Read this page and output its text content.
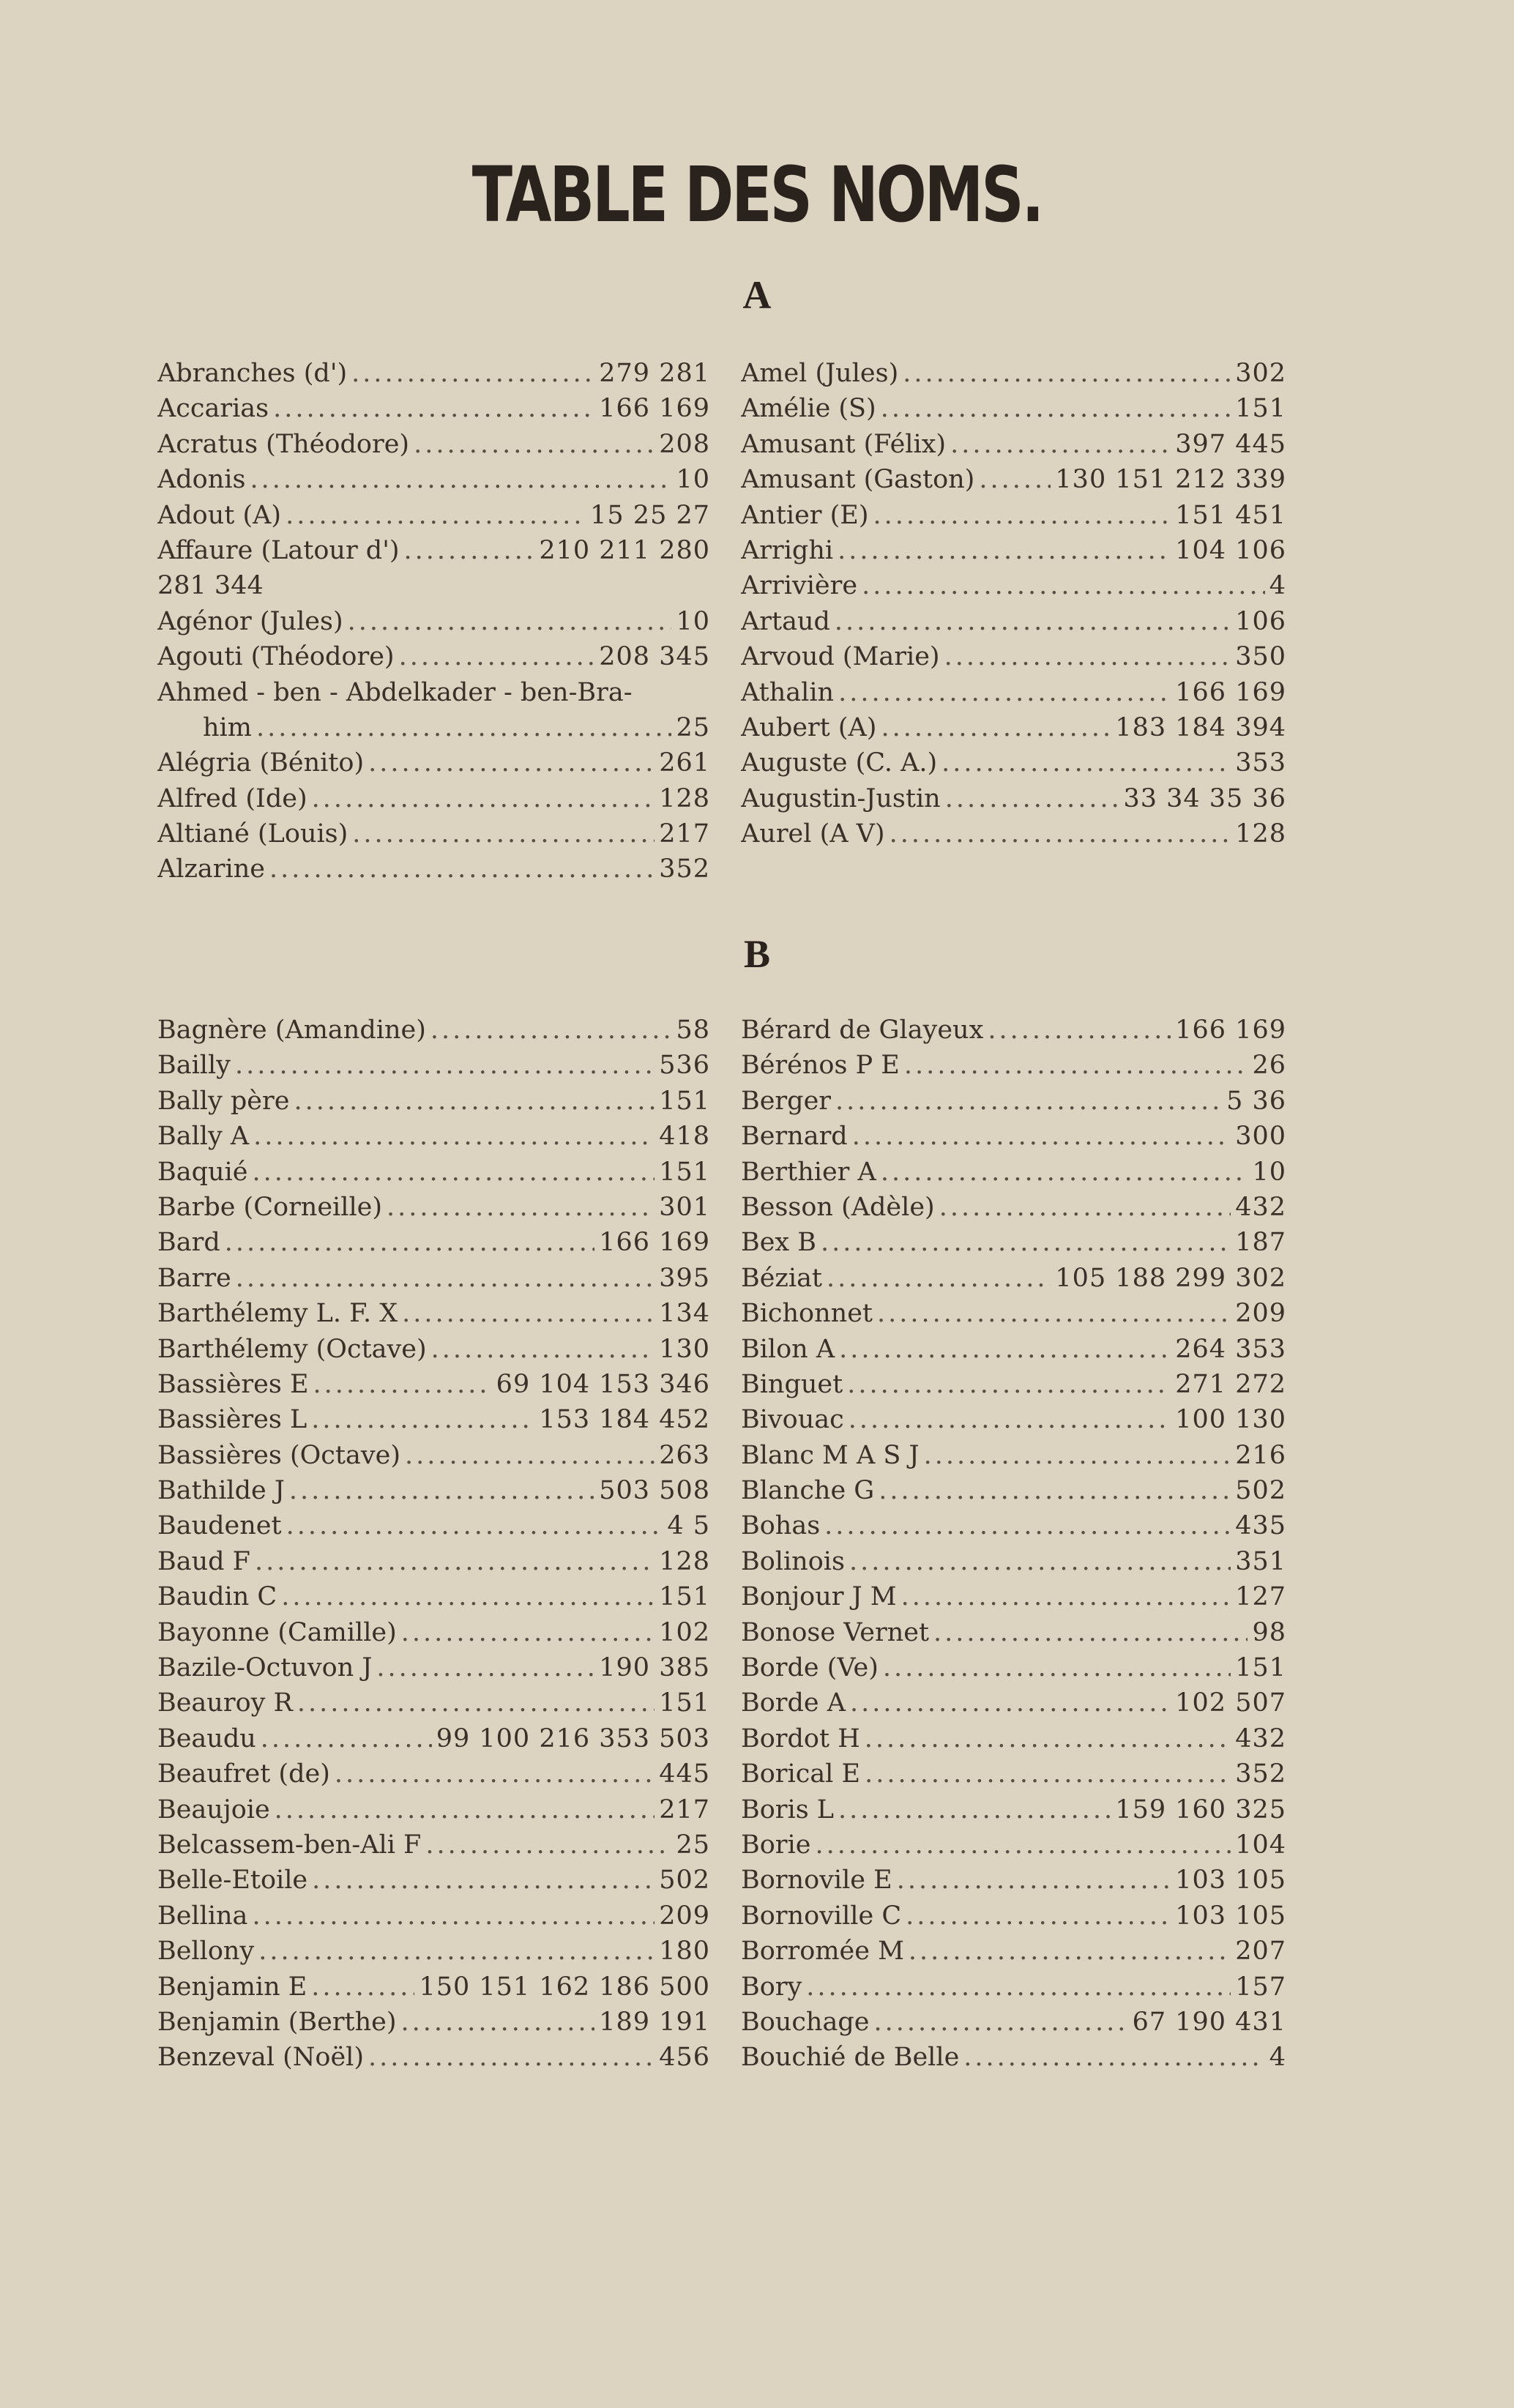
TABLE DES NOMS.
A
Abranches (d') .....	279 281
Accarias .....	166 169
Acratus (Théodore) .....	208
Adonis .....	10
Adout (A) .....	15 25 27
Affaure (Latour d') .....	210 211 280
281 344
Agénor (Jules) .....	10
Agouti (Théodore) .....	208 345
Ahmed - ben - Abdelkader - ben-Bra-
him .....	25
Alégria (Bénito) .....	261
Alfred (Ide) .....	128
Altiané (Louis) .....	217
Alzarine .....	352
Amel (Jules) .....	302
Amélie (S) .....	151
Amusant (Félix) .....	397 445
Amusant (Gaston) .....	130 151 212 339
Antier (E) .....	151 451
Arrighi .....	104 106
Arrivière .....	4
Artaud .....	106
Arvoud (Marie) .....	350
Athalin .....	166 169
Aubert (A) .....	183 184 394
Auguste (C. A.) .....	353
Augustin-Justin .....	33 34 35 36
Aurel (A V) .....	128
B
Bagnère (Amandine) .....	58
Bailly .....	536
Bally père .....	151
Bally A .....	418
Baquié .....	151
Barbe (Corneille) .....	301
Bard .....	166 169
Barre .....	395
Barthélemy L. F. X .....	134
Barthélemy (Octave) .....	130
Bassières E .....	69 104 153 346
Bassières L .....	153 184 452
Bassières (Octave) .....	263
Bathilde J .....	503 508
Baudenet .....	4 5
Baud F .....	128
Baudin C .....	151
Bayonne (Camille) .....	102
Bazile-Octuvon J .....	190 385
Beauroy R .....	151
Beaudu .....	99 100 216 353 503
Beaufret (de) .....	445
Beaujoie .....	217
Belcassem-ben-Ali F .....	25
Belle-Etoile .....	502
Bellina .....	209
Bellony .....	180
Benjamin E .....	150 151 162 186 500
Benjamin (Berthe) .....	189 191
Benzeval (Noël) .....	456
Bérard de Glayeux .....	166 169
Bérénos P E .....	26
Berger .....	5 36
Bernard .....	300
Berthier A .....	10
Besson (Adèle) .....	432
Bex B .....	187
Béziat .....	105 188 299 302
Bichonnet .....	209
Bilon A .....	264 353
Binguet .....	271 272
Bivouac .....	100 130
Blanc M A S J .....	216
Blanche G .....	502
Bohas .....	435
Bolinois .....	351
Bonjour J M .....	127
Bonose Vernet .....	98
Borde (Ve) .....	151
Borde A .....	102 507
Bordot H .....	432
Borical E .....	352
Boris L .....	159 160 325
Borie .....	104
Bornovile E .....	103 105
Bornoville C .....	103 105
Borromée M .....	207
Bory .....	157
Bouchage .....	67 190 431
Bouchié de Belle .....	4
